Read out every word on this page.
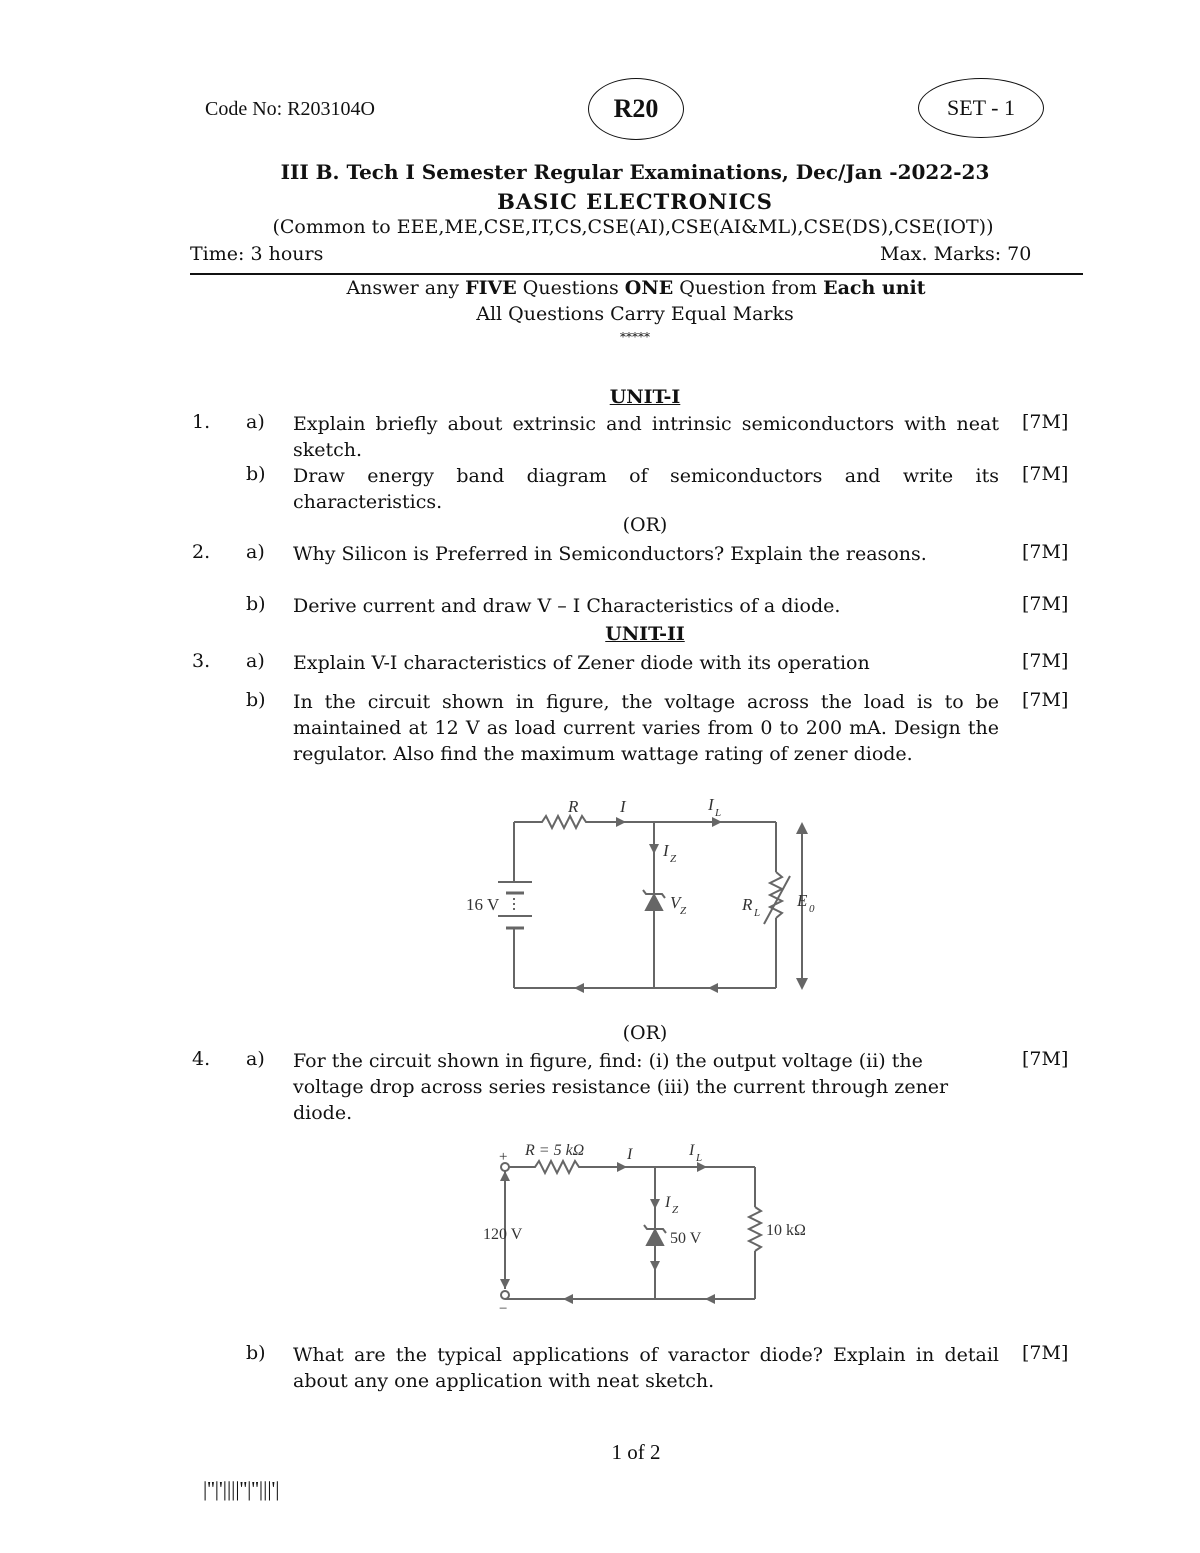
Code No: R203104O	R20	SET - 1
III B. Tech I Semester Regular Examinations, Dec/Jan -2022-23
BASIC ELECTRONICS
(Common to EEE,ME,CSE,IT,CS,CSE(AI),CSE(AI&ML),CSE(DS),CSE(IOT))
Time: 3 hours	Max. Marks: 70
Answer any FIVE Questions ONE Question from Each unit
All Questions Carry Equal Marks
*****
UNIT-I
1. a) Explain briefly about extrinsic and intrinsic semiconductors with neat sketch.
[7M]
b) Draw energy band diagram of semiconductors and write its characteristics.
[7M]
(OR)
2. a) Why Silicon is Preferred in Semiconductors? Explain the reasons.	[7M]
b) Derive current and draw V – I Characteristics of a diode.	[7M]
UNIT-II
3. a) Explain V-I characteristics of Zener diode with its operation	[7M]
b) In the circuit shown in figure, the voltage across the load is to be maintained at 12 V as load current varies from 0 to 200 mA. Design the regulator. Also find the maximum wattage rating of zener diode.
[7M]
R I	I L
I Z
16 V	V Z	R L
E 0
(OR)
4. a) For the circuit shown in figure, find: (i) the output voltage (ii) the voltage drop across series resistance (iii) the current through zener diode.
[7M]
+
−
R = 5 kΩ	I	I L
I Z
120 V	50 V	10 kΩ
b) What are the typical applications of varactor diode? Explain in detail about any one application with neat sketch.
[7M]
1 of 2
|''|'||||''|''|||'|
